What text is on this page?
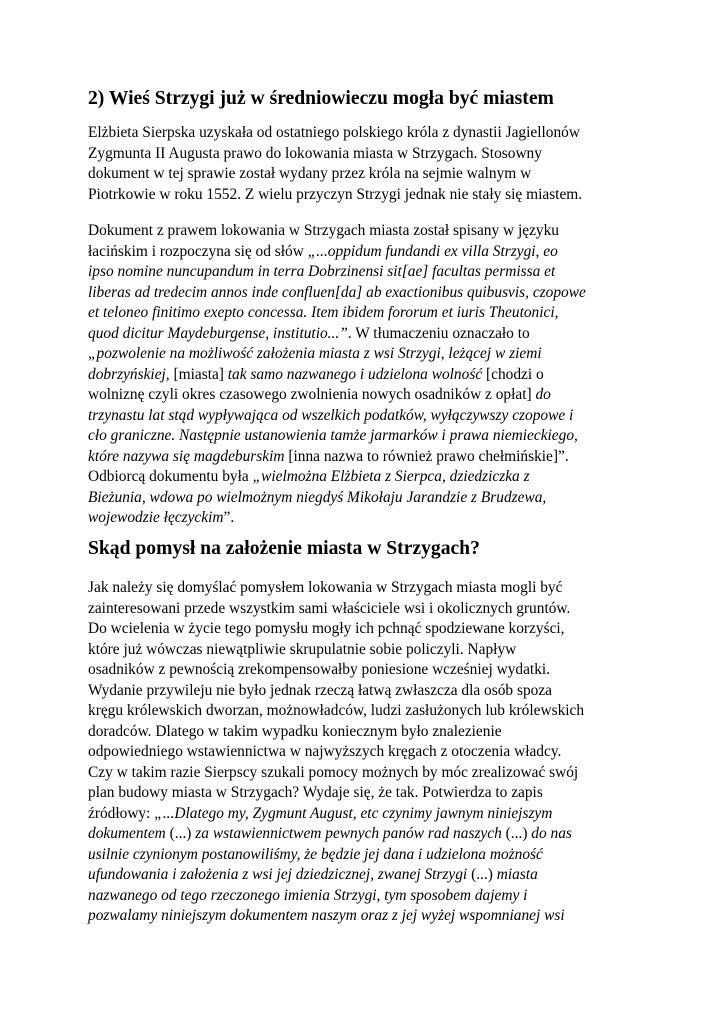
2) Wieś Strzygi już w średniowieczu mogła być miastem
Elżbieta Sierpska uzyskała od ostatniego polskiego króla z dynastii Jagiellonów
Zygmunta II Augusta prawo do lokowania miasta w Strzygach. Stosowny
dokument w tej sprawie został wydany przez króla na sejmie walnym w
Piotrkowie w roku 1552. Z wielu przyczyn Strzygi jednak nie stały się miastem.
Dokument z prawem lokowania w Strzygach miasta został spisany w języku
łacińskim i rozpoczyna się od słów „...oppidum fundandi ex villa Strzygi, eo
ipso nomine nuncupandum in terra Dobrzinensi sit[ae] facultas permissa et
liberas ad tredecim annos inde confluen[da] ab exactionibus quibusvis, czopowe
et teloneo finitimo exepto concessa. Item ibidem fororum et iuris Theutonici,
quod dicitur Maydeburgense, institutio...”. W tłumaczeniu oznaczało to
„pozwolenie na możliwość założenia miasta z wsi Strzygi, leżącej w ziemi
dobrzyńskiej, [miasta] tak samo nazwanego i udzielona wolność [chodzi o
wolniznę czyli okres czasowego zwolnienia nowych osadników z opłat] do
trzynastu lat stąd wypływająca od wszelkich podatków, wyłączywszy czopowe i
cło graniczne. Następnie ustanowienia tamże jarmarków i prawa niemieckiego,
które nazywa się magdeburskim [inna nazwa to również prawo chełmińskie]”.
Odbiorcą dokumentu była „wielmożna Elżbieta z Sierpca, dziedziczka z
Bieżunia, wdowa po wielmożnym niegdyś Mikołaju Jarandzie z Brudzewa,
wojewodzie łęczyckim”.
Skąd pomysł na założenie miasta w Strzygach?
Jak należy się domyślać pomysłem lokowania w Strzygach miasta mogli być
zainteresowani przede wszystkim sami właściciele wsi i okolicznych gruntów.
Do wcielenia w życie tego pomysłu mogły ich pchnąć spodziewane korzyści,
które już wówczas niewątpliwie skrupulatnie sobie policzyli. Napływ
osadników z pewnością zrekompensowałby poniesione wcześniej wydatki.
Wydanie przywileju nie było jednak rzeczą łatwą zwłaszcza dla osób spoza
kręgu królewskich dworzan, możnowładców, ludzi zasłużonych lub królewskich
doradców. Dlatego w takim wypadku koniecznym było znalezienie
odpowiedniego wstawiennictwa w najwyższych kręgach z otoczenia władcy.
Czy w takim razie Sierpscy szukali pomocy możnych by móc zrealizować swój
plan budowy miasta w Strzygach? Wydaje się, że tak. Potwierdza to zapis
źródłowy: „...Dlatego my, Zygmunt August, etc czynimy jawnym niniejszym
dokumentem (...) za wstawiennictwem pewnych panów rad naszych (...) do nas
usilnie czynionym postanowiliśmy, że będzie jej dana i udzielona możność
ufundowania i założenia z wsi jej dziedzicznej, zwanej Strzygi (...) miasta
nazwanego od tego rzeczonego imienia Strzygi, tym sposobem dajemy i
pozwalamy niniejszym dokumentem naszym oraz z jej wyżej wspomnianej wsi
